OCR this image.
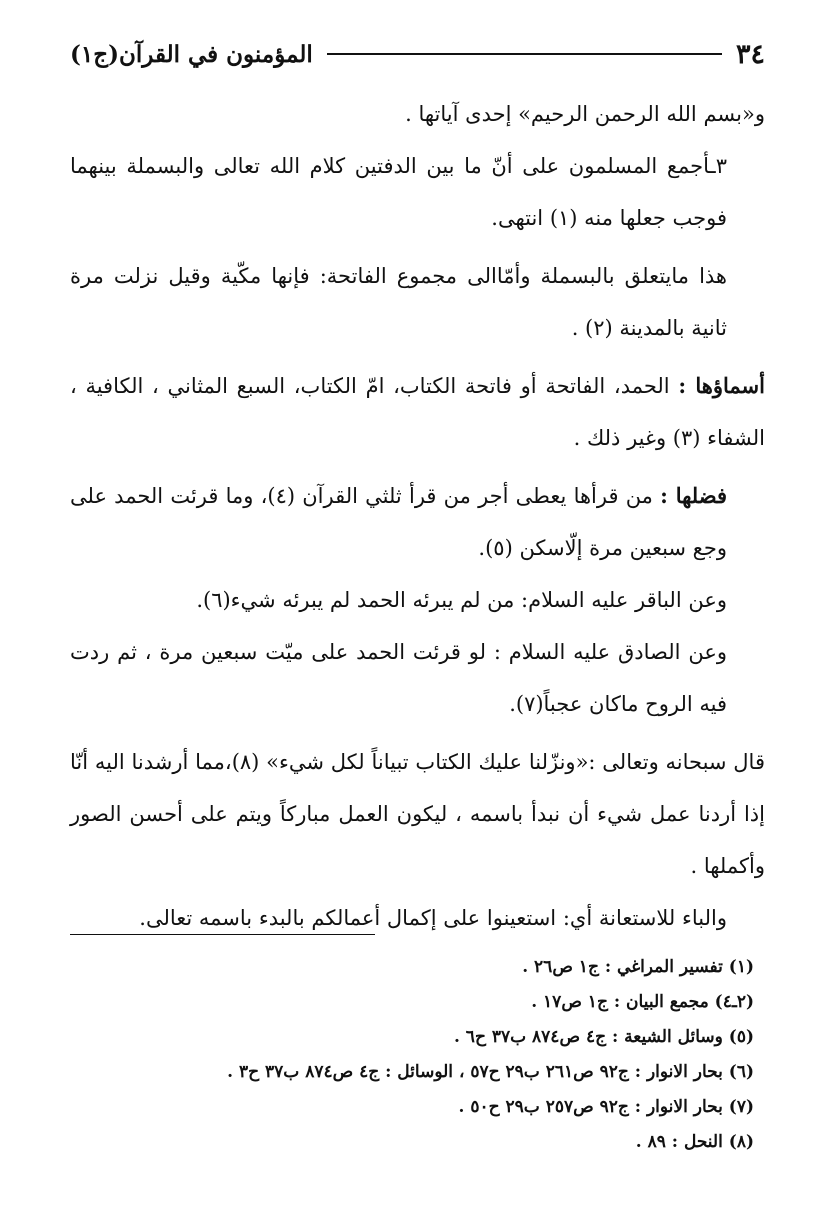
٣٤
المؤمنون في القرآن(ج١)

و«بسم الله الرحمن الرحيم» إحدى آياتها .

٣ـأجمع المسلمون على أنّ ما بين الدفتين كلام الله تعالى والبسملة بينهما فوجب جعلها منه (١) انتهى.

هذا مايتعلق بالبسملة وأمّاالى مجموع الفاتحة: فإنها مكّية وقيل نزلت مرة ثانية بالمدينة (٢) .

أسماؤها : الحمد، الفاتحة أو فاتحة الكتاب، امّ الكتاب، السبع المثاني ، الكافية ، الشفاء (٣) وغير ذلك .

فضلها : من قرأها يعطى أجر من قرأ ثلثي القرآن (٤)، وما قرئت الحمد على وجع سبعين مرة إلّاسكن (٥).

وعن الباقر عليه السلام: من لم يبرئه الحمد لم يبرئه شيء(٦).

وعن الصادق عليه السلام : لو قرئت الحمد على ميّت سبعين مرة ، ثم ردت فيه الروح ماكان عجباً(٧).

قال سبحانه وتعالى :«ونزّلنا عليك الكتاب تبياناً لكل شيء» (٨)،مما أرشدنا اليه أنّا إذا أردنا عمل شيء أن نبدأ باسمه ، ليكون العمل مباركاً ويتم على أحسن الصور وأكملها .

والباء للاستعانة أي: استعينوا على إكمال أعمالكم بالبدء باسمه تعالى.

(١) تفسير المراغي : ج١ ص٢٦ .
(٢ـ٤) مجمع البيان : ج١ ص١٧ .
(٥) وسائل الشيعة : ج٤ ص٨٧٤ ب٣٧ ح٦ .
(٦) بحار الانوار : ج٩٢ ص٢٦١ ب٢٩ ح٥٧ ، الوسائل : ج٤ ص٨٧٤ ب٣٧ ح٣ .
(٧) بحار الانوار : ج٩٢ ص٢٥٧ ب٢٩ ح٥٠ .
(٨) النحل : ٨٩ .
